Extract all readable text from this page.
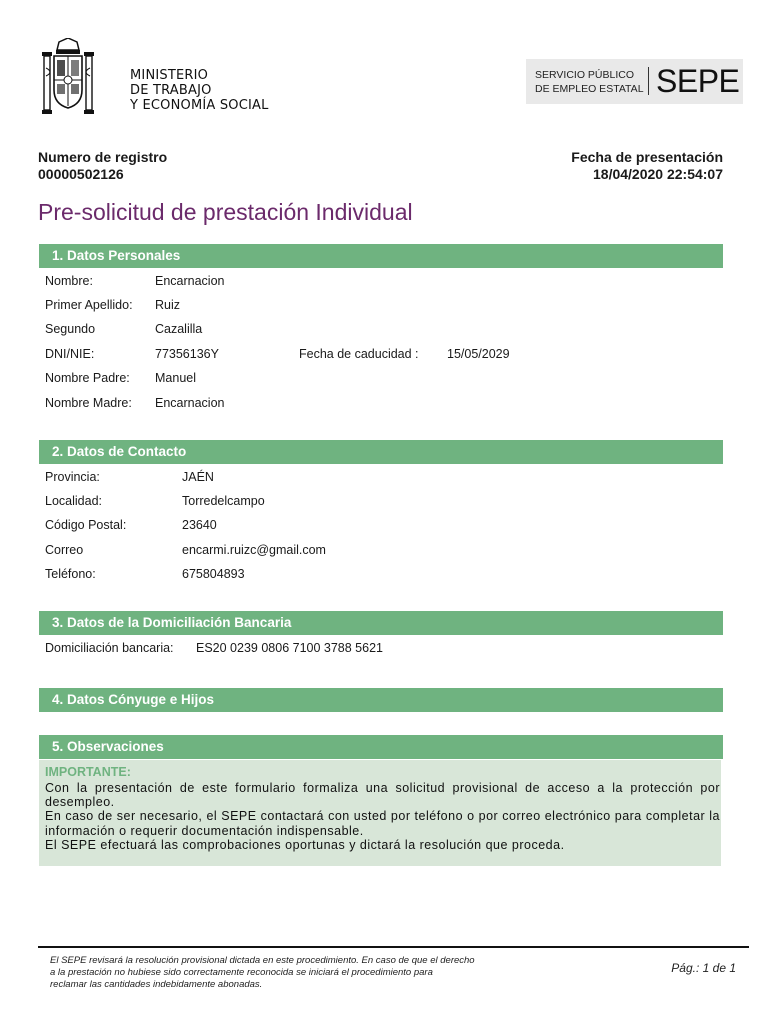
MINISTERIO
DE TRABAJO
Y ECONOMÍA SOCIAL
SERVICIO PÚBLICO
DE EMPLEO ESTATAL SEPE
Numero de registro
00000502126
Fecha de presentación
18/04/2020 22:54:07
Pre-solicitud de prestación Individual
1. Datos Personales
Nombre:	Encarnacion
Primer Apellido: Ruiz
Segundo	Cazalilla
DNI/NIE:	77356136Y	Fecha de caducidad : 15/05/2029
Nombre Padre: Manuel
Nombre Madre: Encarnacion
2. Datos de Contacto
Provincia:	JAÉN
Localidad:	Torredelcampo
Código Postal:	23640
Correo	encarmi.ruizc@gmail.com
Teléfono:	675804893
3. Datos de la Domiciliación Bancaria
Domiciliación bancaria: ES20 0239 0806 7100 3788 5621
4. Datos Cónyuge e Hijos
5. Observaciones
IMPORTANTE:

Con la presentación de este formulario formaliza una solicitud provisional de acceso a la protección por desempleo.

En caso de ser necesario, el SEPE contactará con usted por teléfono o por correo electrónico para completar la información o requerir documentación indispensable.

El SEPE efectuará las comprobaciones oportunas y dictará la resolución que proceda.

El SEPE revisará la resolución provisional dictada en este procedimiento. En caso de que el derecho
a la prestación no hubiese sido correctamente reconocida se iniciará el procedimiento para
reclamar las cantidades indebidamente abonadas.
Pág.: 1 de 1
